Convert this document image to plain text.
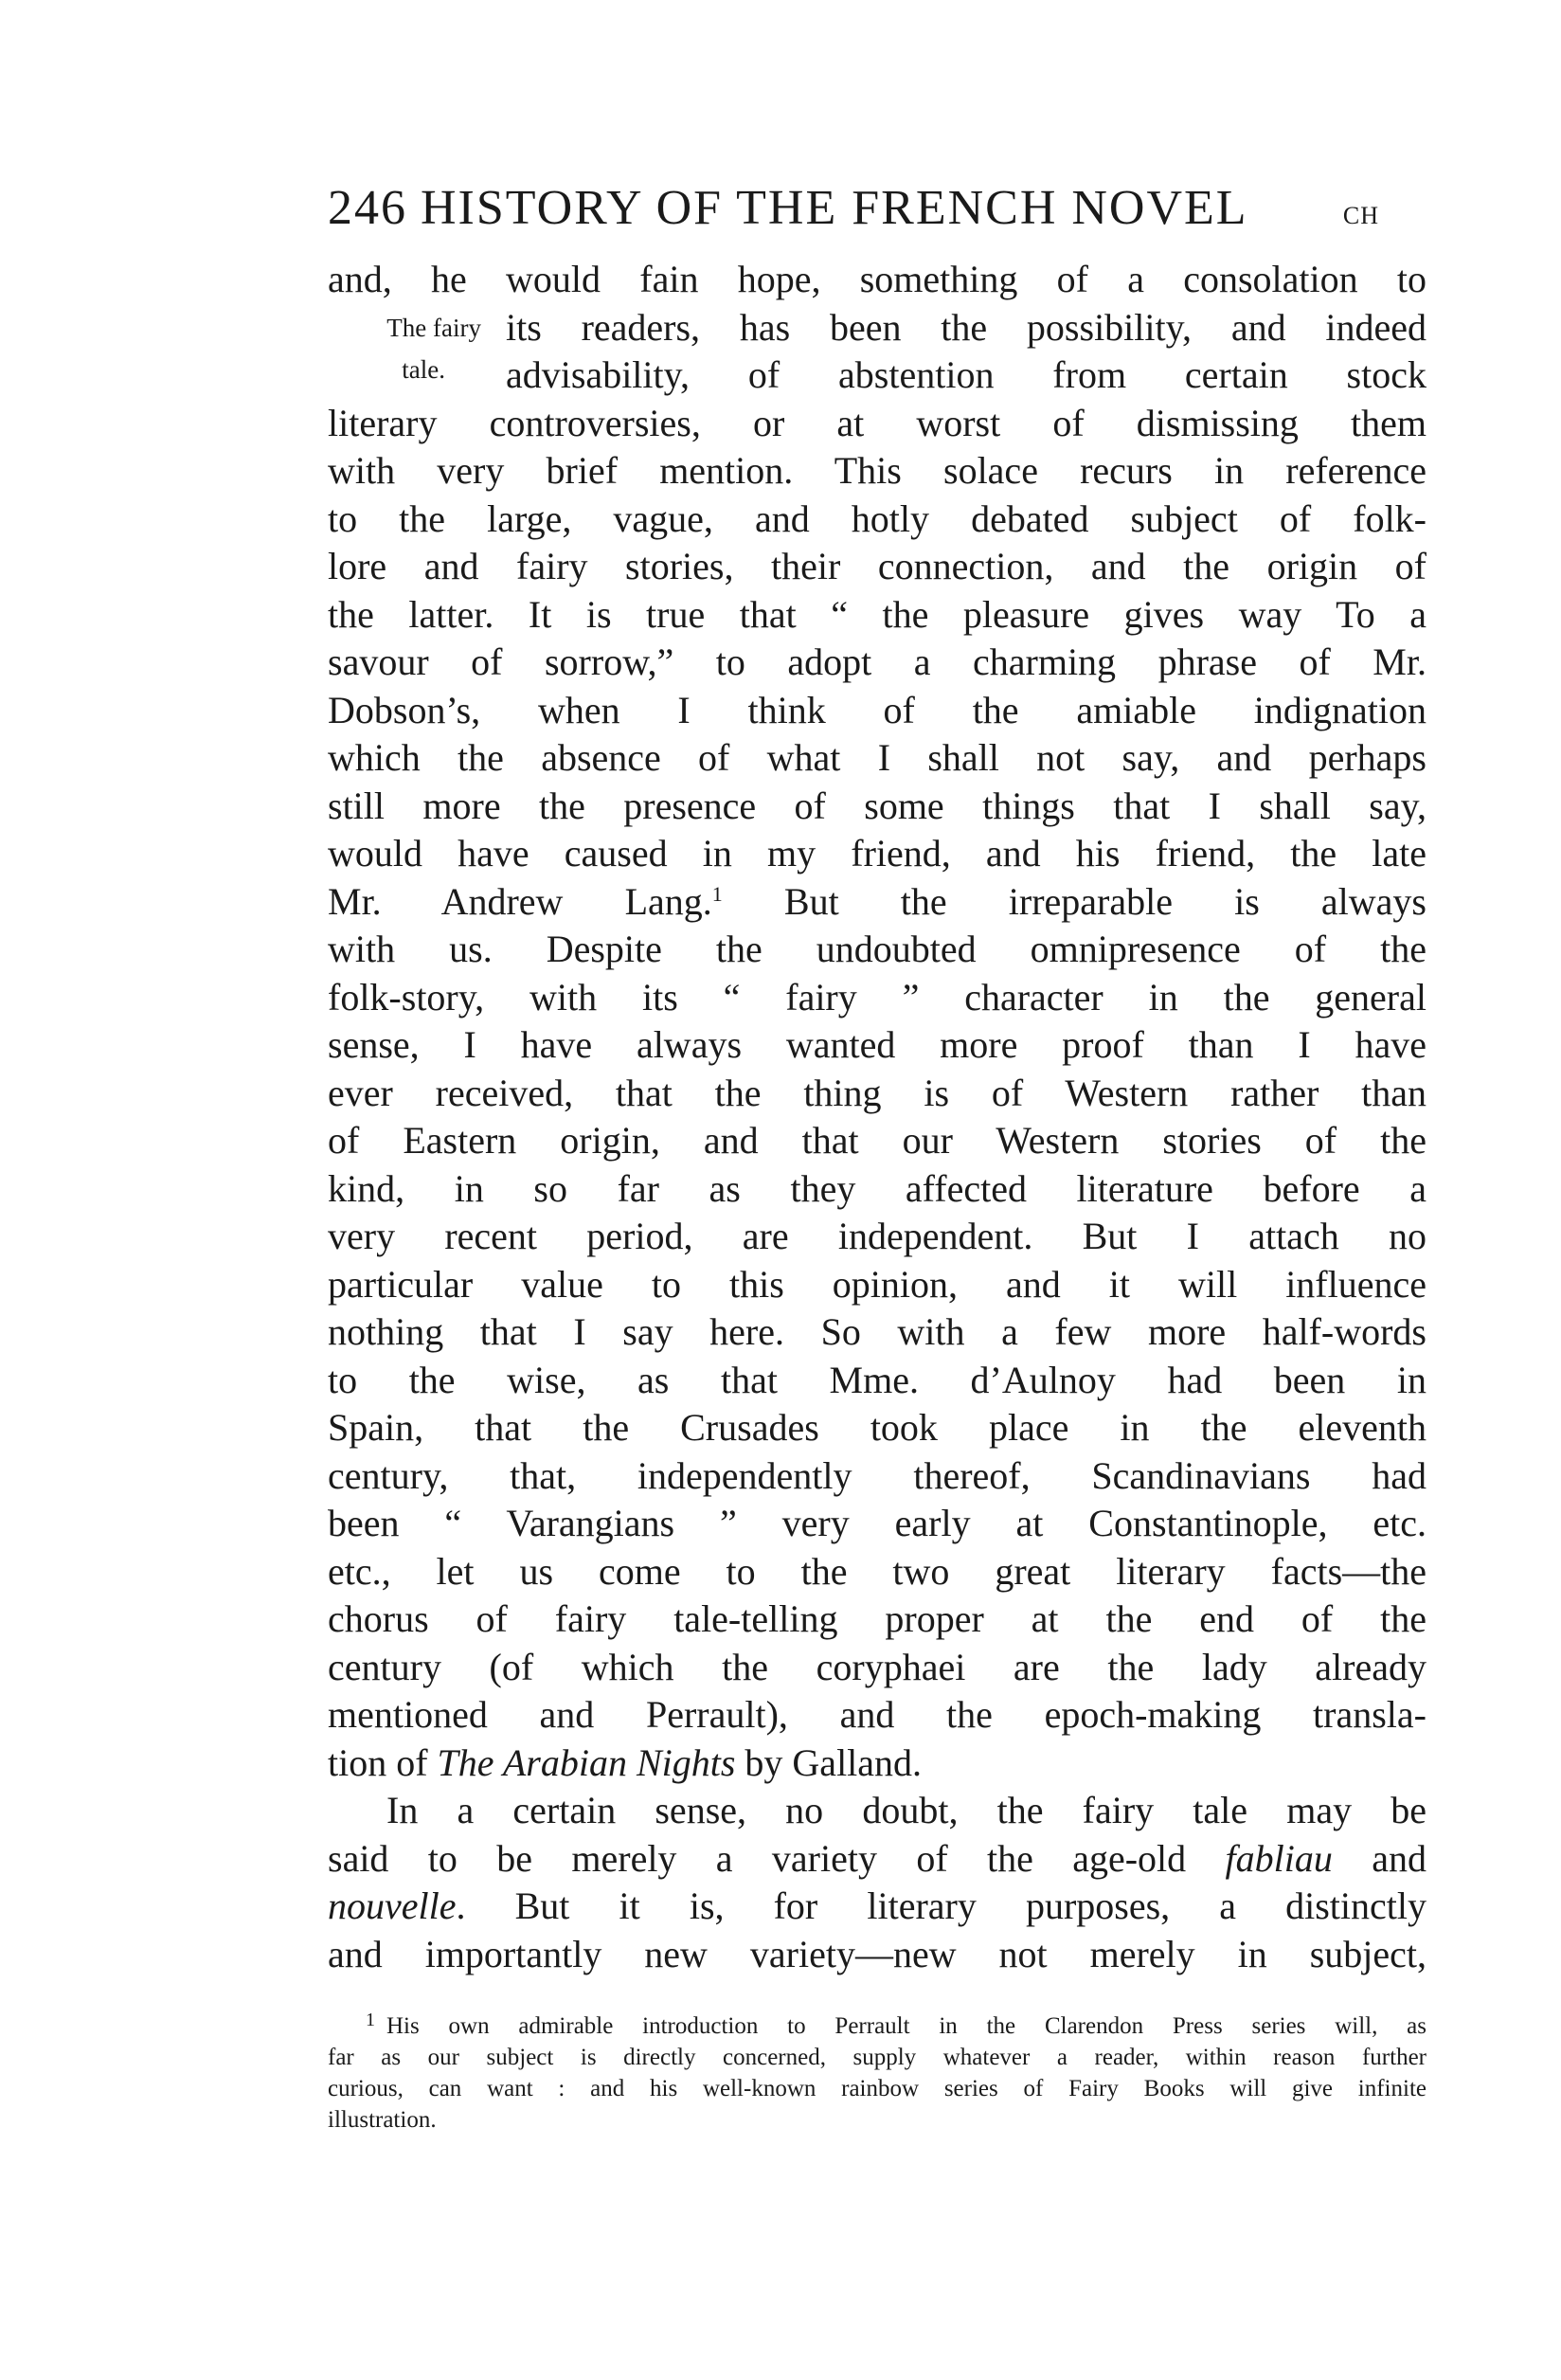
246 HISTORY OF THE FRENCH NOVEL	CH
The fairy
tale.
and, he would fain hope, something of a consolation to
its readers, has been the possibility, and indeed
advisability, of abstention from certain stock
literary controversies, or at worst of dismissing them
with very brief mention. This solace recurs in reference
to the large, vague, and hotly debated subject of folk-
lore and fairy stories, their connection, and the origin of
the latter. It is true that “ the pleasure gives way To a
savour of sorrow,” to adopt a charming phrase of Mr.
Dobson’s, when I think of the amiable indignation
which the absence of what I shall not say, and perhaps
still more the presence of some things that I shall say,
would have caused in my friend, and his friend, the late
Mr. Andrew Lang.$^1$ But the irreparable is always
with us. Despite the undoubted omnipresence of the
folk-story, with its “ fairy ” character in the general
sense, I have always wanted more proof than I have
ever received, that the thing is of Western rather than
of Eastern origin, and that our Western stories of the
kind, in so far as they affected literature before a
very recent period, are independent. But I attach no
particular value to this opinion, and it will influence
nothing that I say here. So with a few more half-words
to the wise, as that Mme. d’Aulnoy had been in
Spain, that the Crusades took place in the eleventh
century, that, independently thereof, Scandinavians had
been “ Varangians ” very early at Constantinople, etc.
etc., let us come to the two great literary facts—the
chorus of fairy tale-telling proper at the end of the
century (of which the coryphaei are the lady already
mentioned and Perrault), and the epoch-making transla-
tion of The Arabian Nights by Galland.
In a certain sense, no doubt, the fairy tale may be
said to be merely a variety of the age-old fabliau and
nouvelle. But it is, for literary purposes, a distinctly
and importantly new variety—new not merely in subject,
$^1$ His own admirable introduction to Perrault in the Clarendon Press series will, as
far as our subject is directly concerned, supply whatever a reader, within reason further
curious, can want : and his well-known rainbow series of Fairy Books will give infinite
illustration.
